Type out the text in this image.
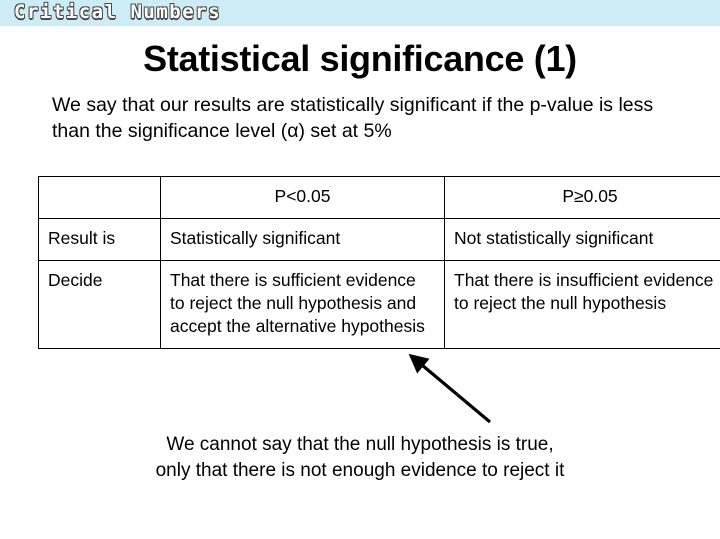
Critical Numbers
Statistical significance (1)
We say that our results are statistically significant if the p-value is less than the significance level (α) set at 5%
	P<0.05	P≥0.05
Result is	Statistically significant	Not statistically significant
Decide	That there is sufficient evidence to reject the null hypothesis and accept the alternative hypothesis	That there is insufficient evidence to reject the null hypothesis
We cannot say that the null hypothesis is true,
only that there is not enough evidence to reject it
